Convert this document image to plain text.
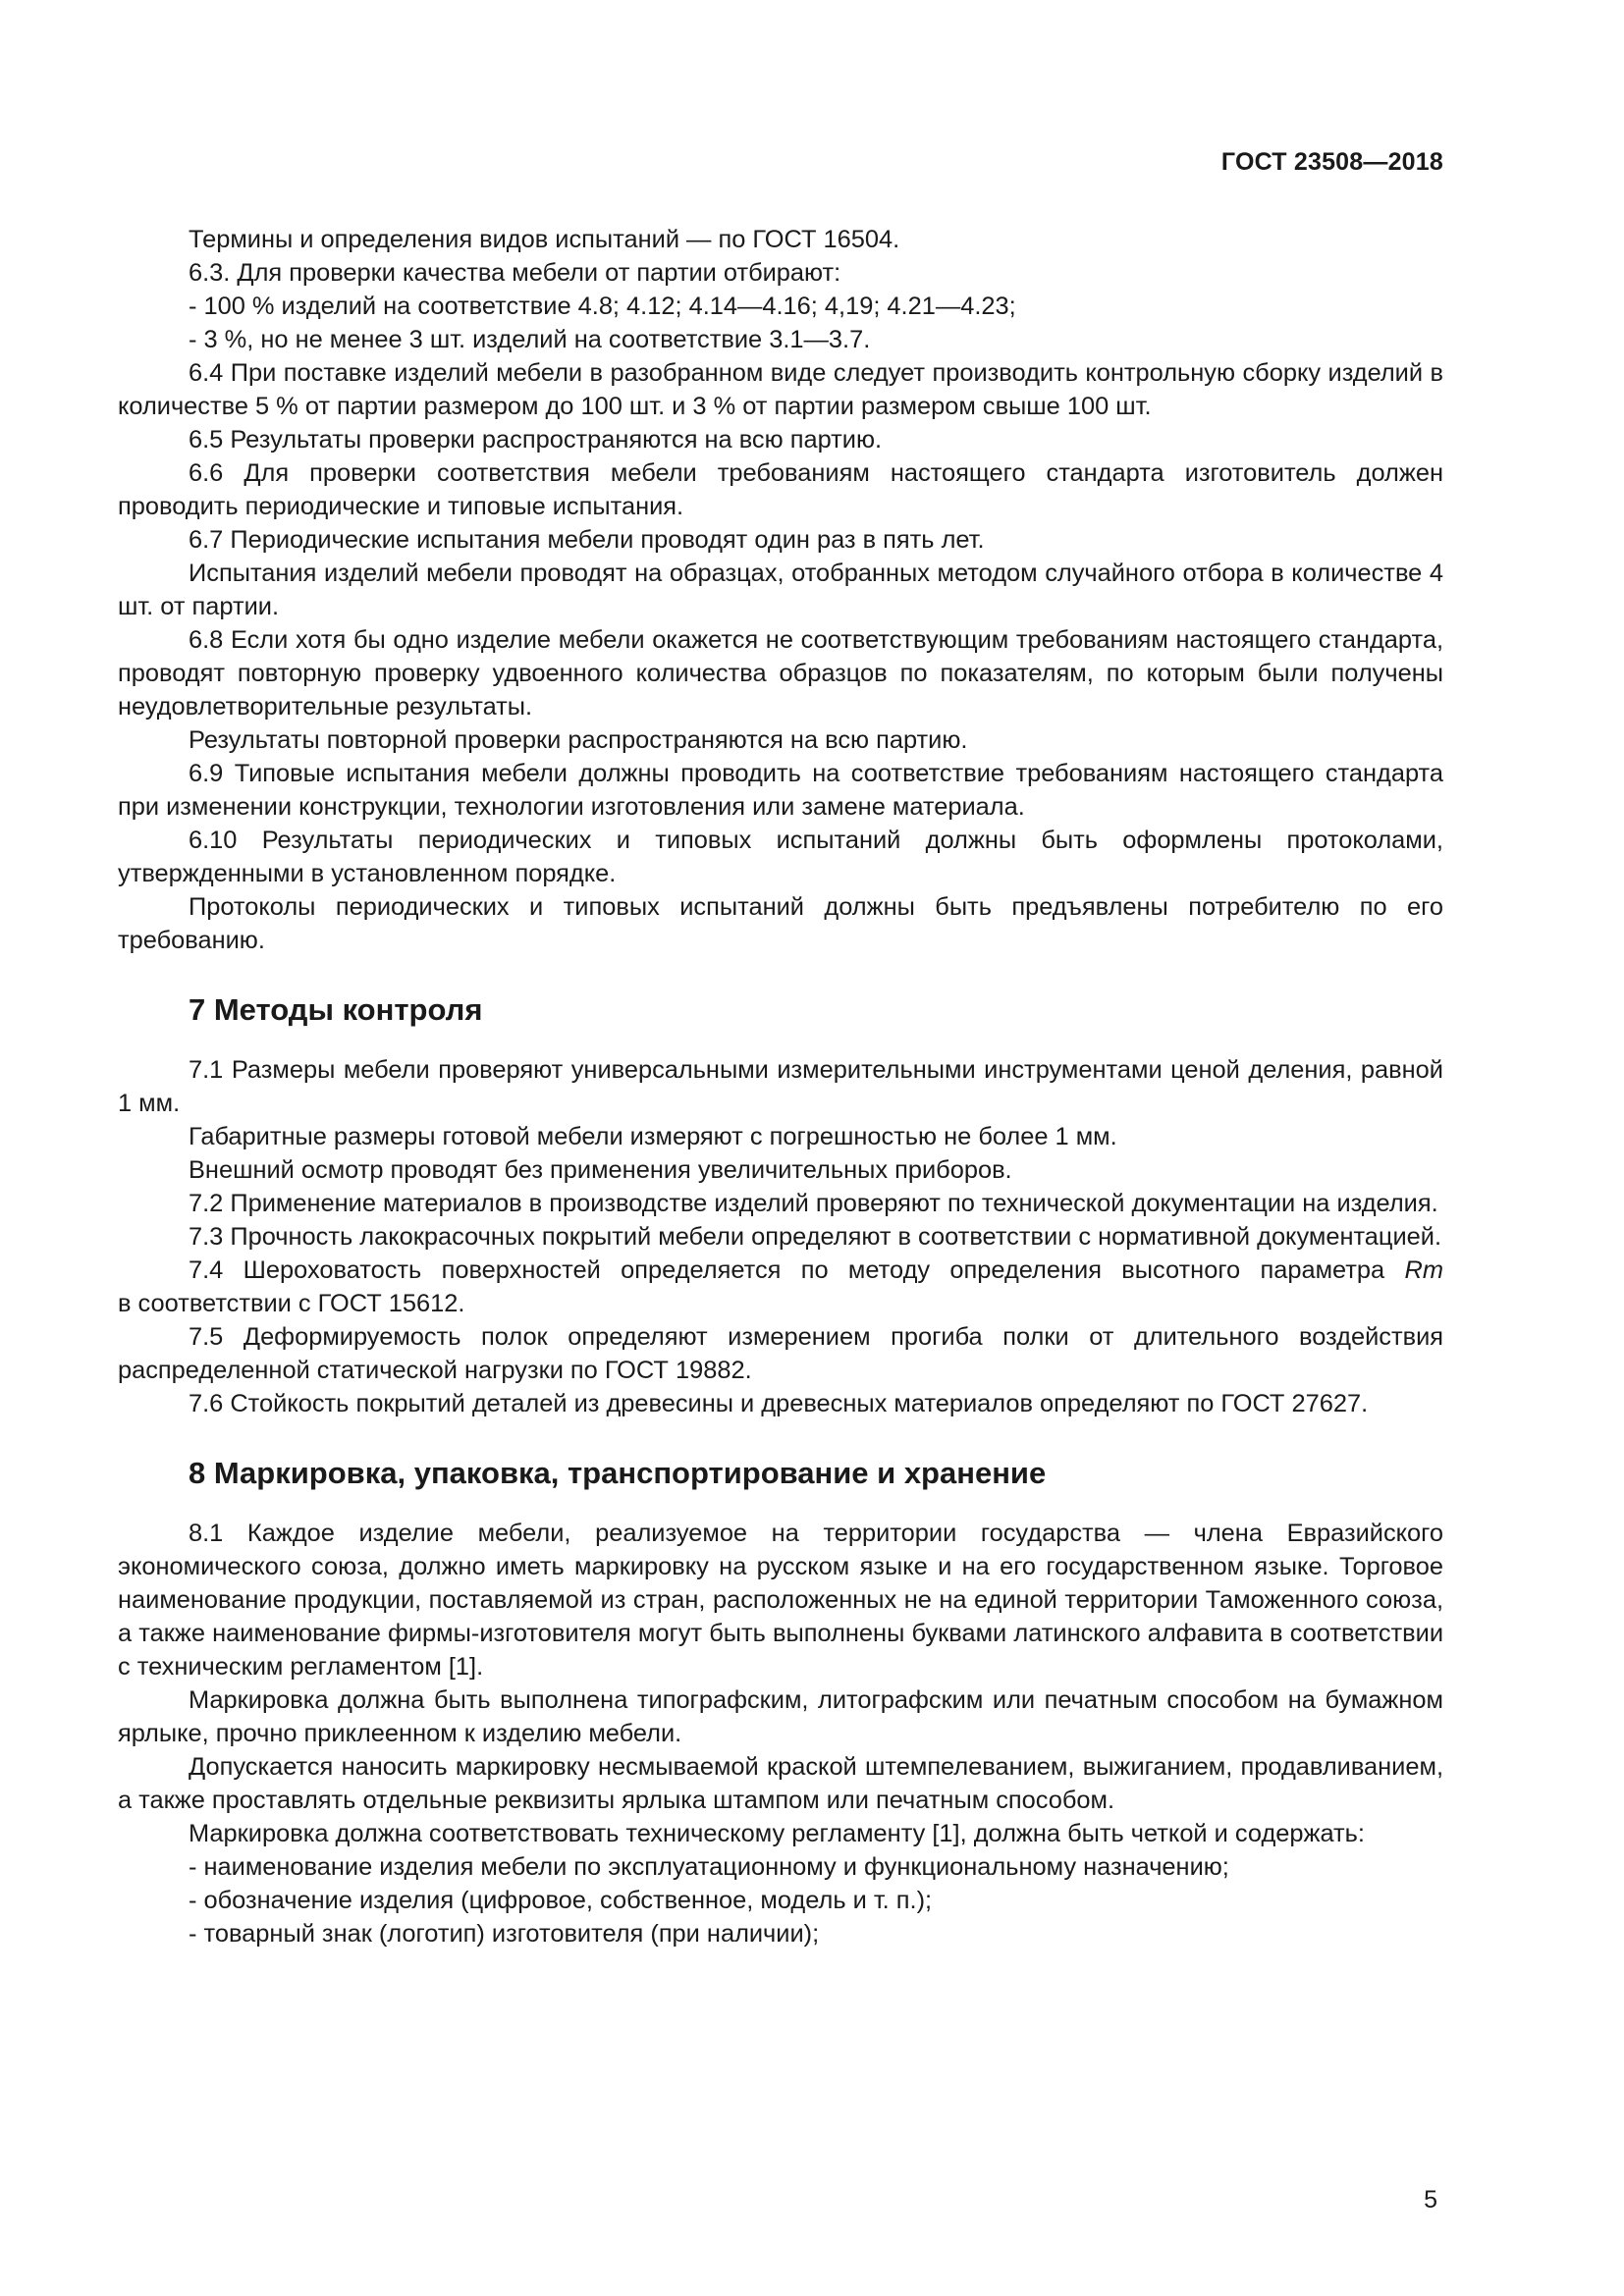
ГОСТ 23508—2018

Термины и определения видов испытаний — по ГОСТ 16504.

6.3. Для проверки качества мебели от партии отбирают:

- 100 % изделий на соответствие 4.8; 4.12; 4.14—4.16; 4,19; 4.21—4.23;

- 3 %, но не менее 3 шт. изделий на соответствие 3.1—3.7.

6.4 При поставке изделий мебели в разобранном виде следует производить контрольную сборку изделий в количестве 5 % от партии размером до 100 шт. и 3 % от партии размером свыше 100 шт.

6.5 Результаты проверки распространяются на всю партию.

6.6 Для проверки соответствия мебели требованиям настоящего стандарта изготовитель должен проводить периодические и типовые испытания.

6.7 Периодические испытания мебели проводят один раз в пять лет.

Испытания изделий мебели проводят на образцах, отобранных методом случайного отбора в количестве 4 шт. от партии.

6.8 Если хотя бы одно изделие мебели окажется не соответствующим требованиям настоящего стандарта, проводят повторную проверку удвоенного количества образцов по показателям, по которым были получены неудовлетворительные результаты.

Результаты повторной проверки распространяются на всю партию.

6.9 Типовые испытания мебели должны проводить на соответствие требованиям настоящего стандарта при изменении конструкции, технологии изготовления или замене материала.

6.10 Результаты периодических и типовых испытаний должны быть оформлены протоколами, утвержденными в установленном порядке.

Протоколы периодических и типовых испытаний должны быть предъявлены потребителю по его требованию.

7 Методы контроля

7.1 Размеры мебели проверяют универсальными измерительными инструментами ценой деления, равной 1 мм.

Габаритные размеры готовой мебели измеряют с погрешностью не более 1 мм.

Внешний осмотр проводят без применения увеличительных приборов.

7.2 Применение материалов в производстве изделий проверяют по технической документации на изделия.

7.3 Прочность лакокрасочных покрытий мебели определяют в соответствии с нормативной документацией.

7.4 Шероховатость поверхностей определяется по методу определения высотного параметра Rm

в соответствии с ГОСТ 15612.

7.5 Деформируемость полок определяют измерением прогиба полки от длительного воздействия распределенной статической нагрузки по ГОСТ 19882.

7.6 Стойкость покрытий деталей из древесины и древесных материалов определяют по ГОСТ 27627.

8 Маркировка, упаковка, транспортирование и хранение

8.1 Каждое изделие мебели, реализуемое на территории государства — члена Евразийского экономического союза, должно иметь маркировку на русском языке и на его государственном языке. Торговое наименование продукции, поставляемой из стран, расположенных не на единой территории Таможенного союза, а также наименование фирмы-изготовителя могут быть выполнены буквами латинского алфавита в соответствии с техническим регламентом [1].

Маркировка должна быть выполнена типографским, литографским или печатным способом на бумажном ярлыке, прочно приклеенном к изделию мебели.

Допускается наносить маркировку несмываемой краской штемпелеванием, выжиганием, продавливанием, а также проставлять отдельные реквизиты ярлыка штампом или печатным способом.

Маркировка должна соответствовать техническому регламенту [1], должна быть четкой и содержать:

- наименование изделия мебели по эксплуатационному и функциональному назначению;

- обозначение изделия (цифровое, собственное, модель и т. п.);

- товарный знак (логотип) изготовителя (при наличии);

5
